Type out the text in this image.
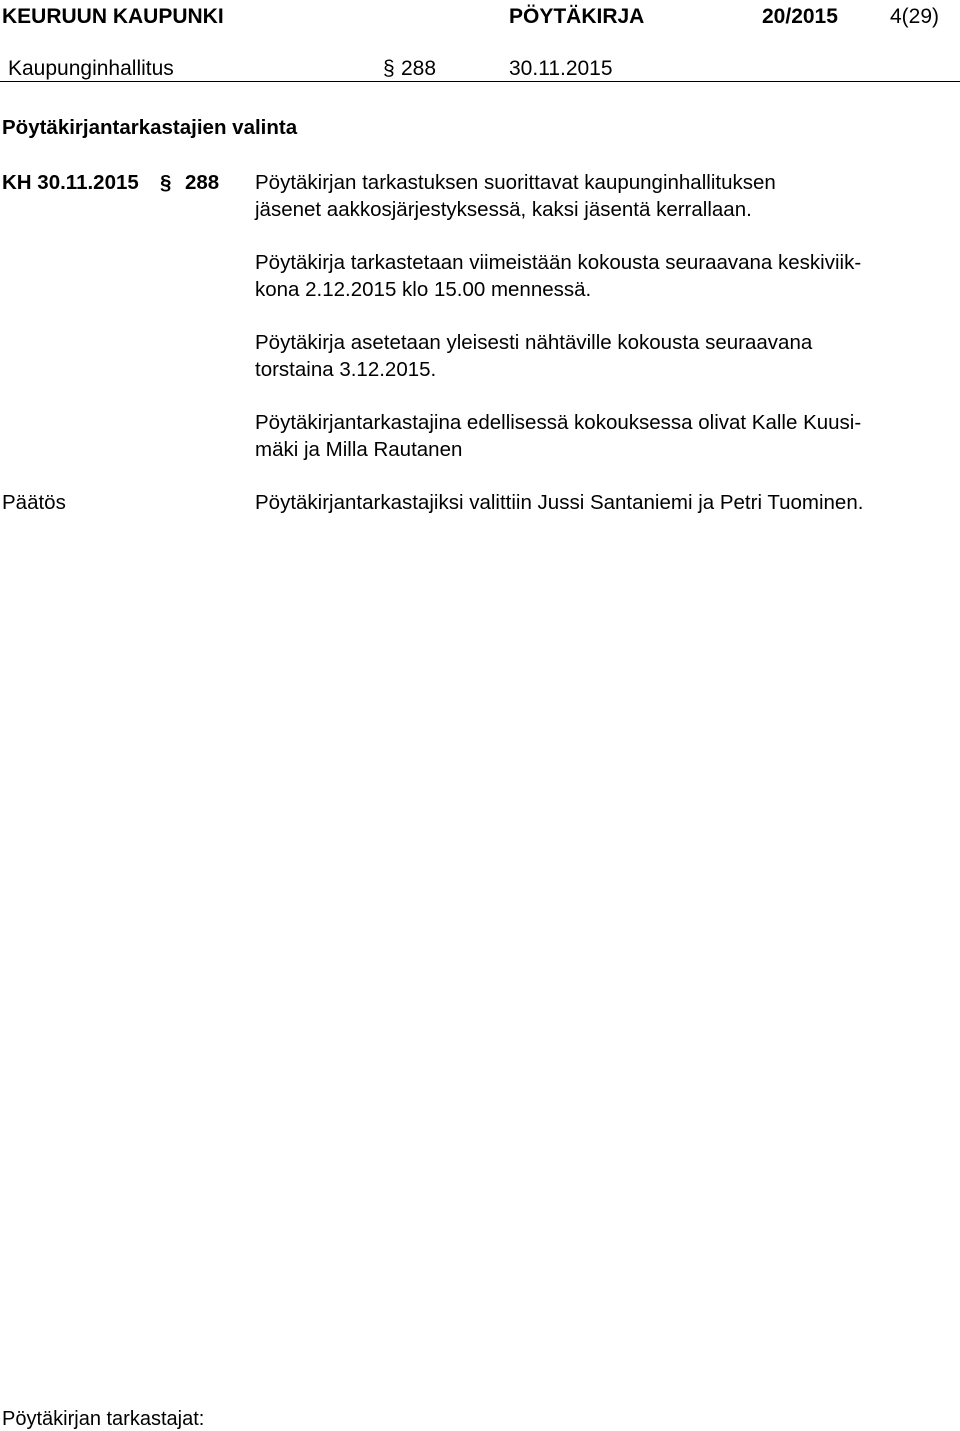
KEURUUN KAUPUNKI	PÖYTÄKIRJA	20/2015 4(29)
Kaupunginhallitus	§ 288	30.11.2015
Pöytäkirjantarkastajien valinta
KH 30.11.2015 § 288 Pöytäkirjan tarkastuksen suorittavat kaupunginhallituksen

jäsenet aakkosjärjestyksessä, kaksi jäsentä kerrallaan.

Pöytäkirja tarkastetaan viimeistään kokousta seuraavana keskiviik-

kona 2.12.2015 klo 15.00 mennessä.

Pöytäkirja asetetaan yleisesti nähtäville kokousta seuraavana

torstaina 3.12.2015.

Pöytäkirjantarkastajina edellisessä kokouksessa olivat Kalle Kuusi-

mäki ja Milla Rautanen

Päätös	Pöytäkirjantarkastajiksi valittiin Jussi Santaniemi ja Petri Tuominen.

Pöytäkirjan tarkastajat:
